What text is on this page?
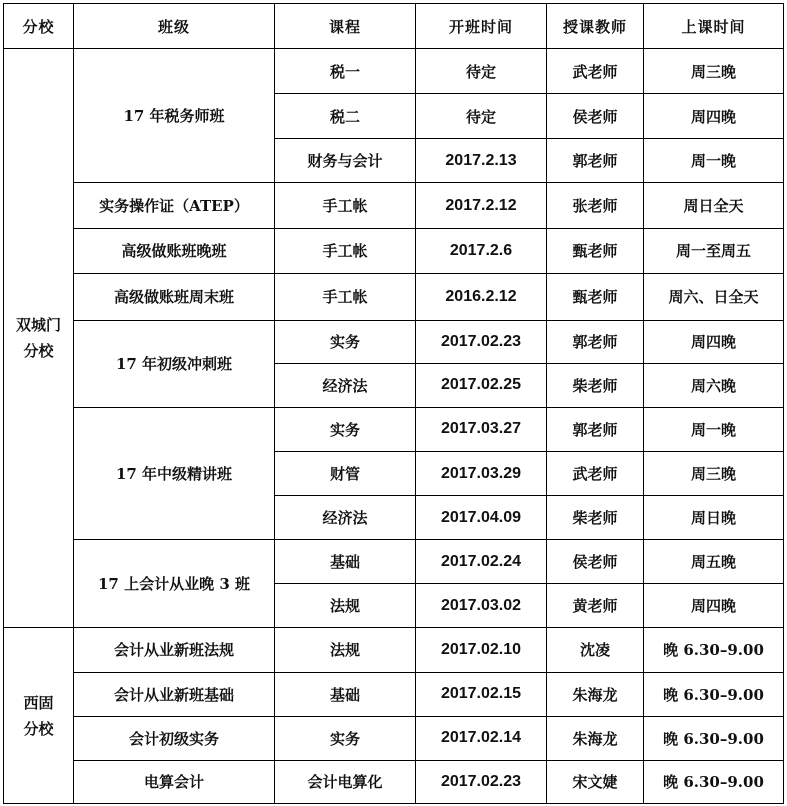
分校	班级	课程	开班时间	授课教师	上课时间

双城门
分校	17 年税务师班	税一	待定	武老师	周三晚
		税二	待定	侯老师	周四晚
		财务与会计	2017.2.13	郭老师	周一晚
	实务操作证（ATEP）	手工帐	2017.2.12	张老师	周日全天
	高级做账班晚班	手工帐	2017.2.6	甄老师	周一至周五
	高级做账班周末班	手工帐	2016.2.12	甄老师	周六、日全天
	17 年初级冲刺班	实务	2017.02.23	郭老师	周四晚
		经济法	2017.02.25	柴老师	周六晚
	17 年中级精讲班	实务	2017.03.27	郭老师	周一晚
		财管	2017.03.29	武老师	周三晚
		经济法	2017.04.09	柴老师	周日晚
	17 上会计从业晚 3 班	基础	2017.02.24	侯老师	周五晚
		法规	2017.03.02	黄老师	周四晚

西固
分校	会计从业新班法规	法规	2017.02.10	沈凌	晚 6.30–9.00
	会计从业新班基础	基础	2017.02.15	朱海龙	晚 6.30–9.00
	会计初级实务	实务	2017.02.14	朱海龙	晚 6.30–9.00
	电算会计	会计电算化	2017.02.23	宋文婕	晚 6.30–9.00
